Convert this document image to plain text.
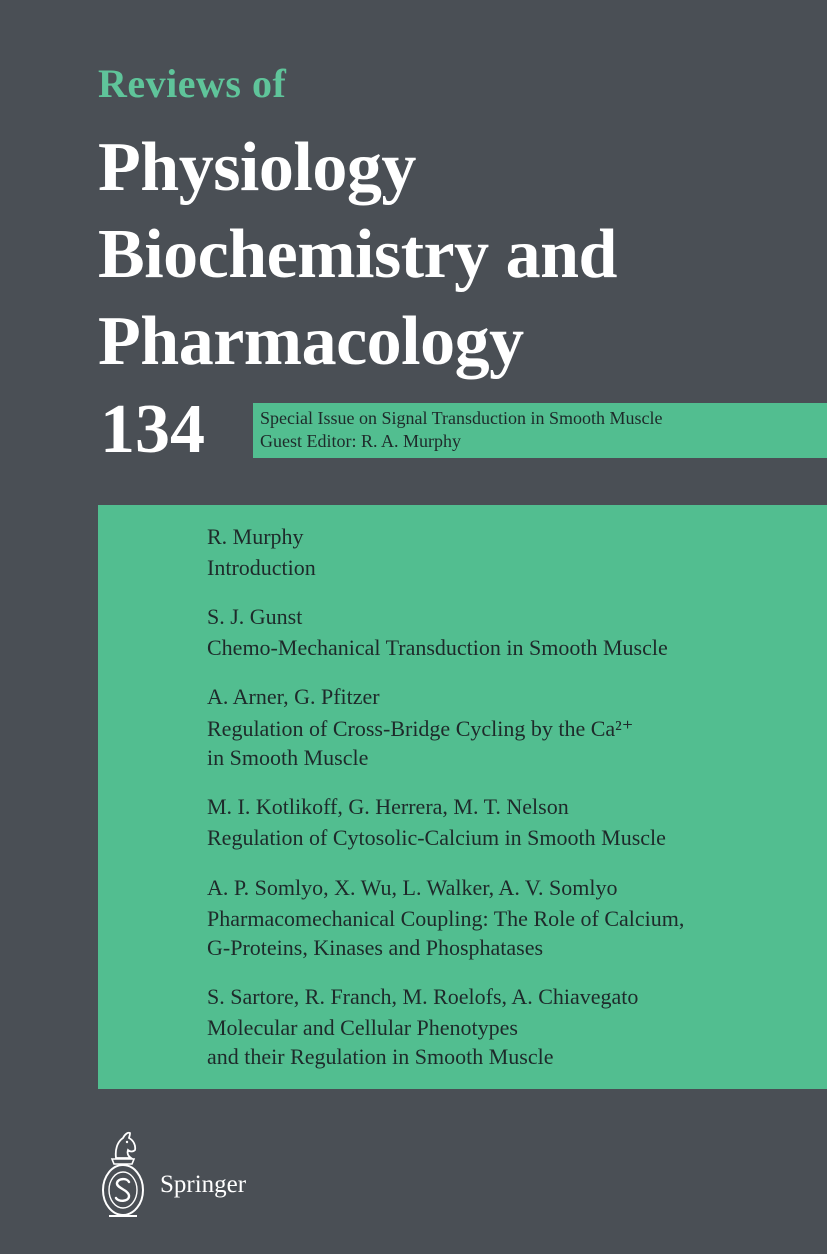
Reviews of
Physiology
Biochemistry and
Pharmacology
134	Special Issue on Signal Transduction in Smooth Muscle
Guest Editor: R. A. Murphy
R. Murphy
Introduction
S. J. Gunst
Chemo-Mechanical Transduction in Smooth Muscle
A. Arner, G. Pfitzer
Regulation of Cross-Bridge Cycling by the Ca²⁺
in Smooth Muscle
M. I. Kotlikoff, G. Herrera, M. T. Nelson
Regulation of Cytosolic-Calcium in Smooth Muscle
A. P. Somlyo, X. Wu, L. Walker, A. V. Somlyo
Pharmacomechanical Coupling: The Role of Calcium,
G-Proteins, Kinases and Phosphatases
S. Sartore, R. Franch, M. Roelofs, A. Chiavegato
Molecular and Cellular Phenotypes
and their Regulation in Smooth Muscle
Springer
